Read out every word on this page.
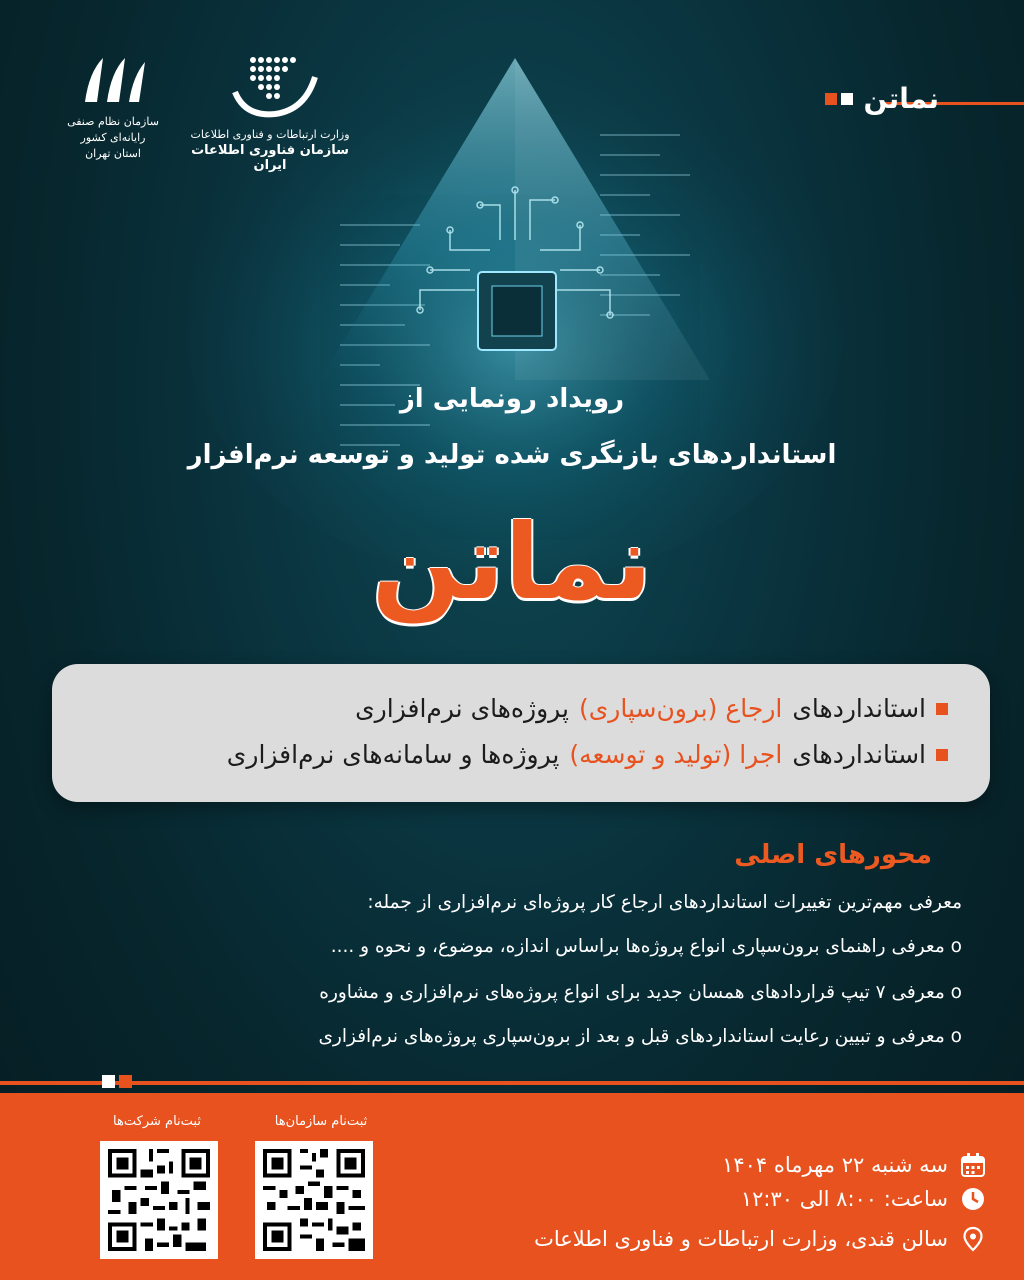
نماتن
وزارت ارتباطات و فناوری اطلاعات
سازمان فناوری اطلاعات ایران
سازمان نظام صنفی رایانه‌ای کشور
استان تهران
رویداد رونمایی از
استانداردهای بازنگری شده تولید و توسعه نرم‌افزار
نماتن
استانداردهای
ارجاع (برون‌سپاری)
پروژه‌های نرم‌افزاری
استانداردهای
اجرا (تولید و توسعه)
پروژه‌ها و سامانه‌های نرم‌افزاری
محورهای اصلی
معرفی مهم‌ترین تغییرات استانداردهای ارجاع کار پروژه‌ای نرم‌افزاری از جمله:
o معرفی راهنمای برون‌سپاری انواع پروژه‌ها براساس اندازه، موضوع، و نحوه و ....
o معرفی ۷ تیپ قراردادهای همسان جدید برای انواع پروژه‌های نرم‌افزاری و مشاوره
o معرفی و تبیین رعایت استانداردهای قبل و بعد از برون‌سپاری پروژه‌های نرم‌افزاری
ثبت‌نام سازمان‌ها
ثبت‌نام شرکت‌ها
سه شنبه ۲۲ مهرماه ۱۴۰۴
ساعت: ۸:۰۰ الی ۱۲:۳۰
سالن قندی، وزارت ارتباطات و فناوری اطلاعات
